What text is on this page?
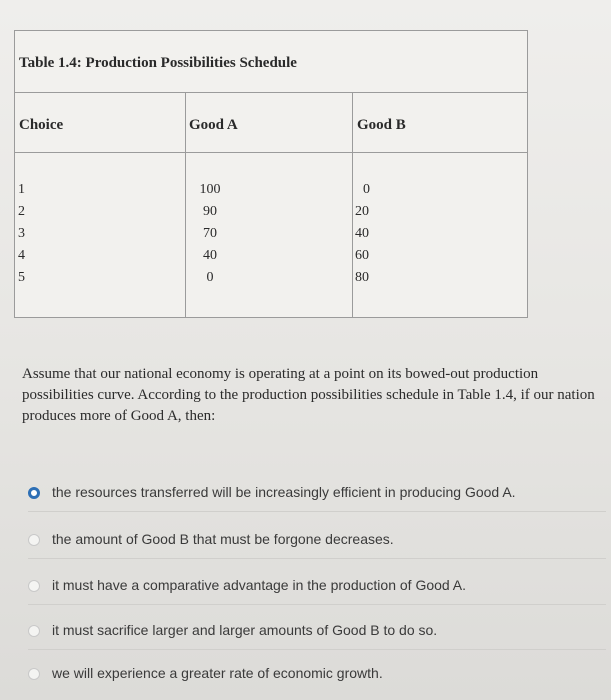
Table 1.4: Production Possibilities Schedule
Choice	Good A	Good B
1
2
3
4
5
100
90
70
40
0
0
20
40
60
80
Assume that our national economy is operating at a point on its bowed-out production possibilities curve. According to the production possibilities schedule in Table 1.4, if our nation produces more of Good A, then:
the resources transferred will be increasingly efficient in producing Good A.
the amount of Good B that must be forgone decreases.
it must have a comparative advantage in the production of Good A.
it must sacrifice larger and larger amounts of Good B to do so.
we will experience a greater rate of economic growth.
